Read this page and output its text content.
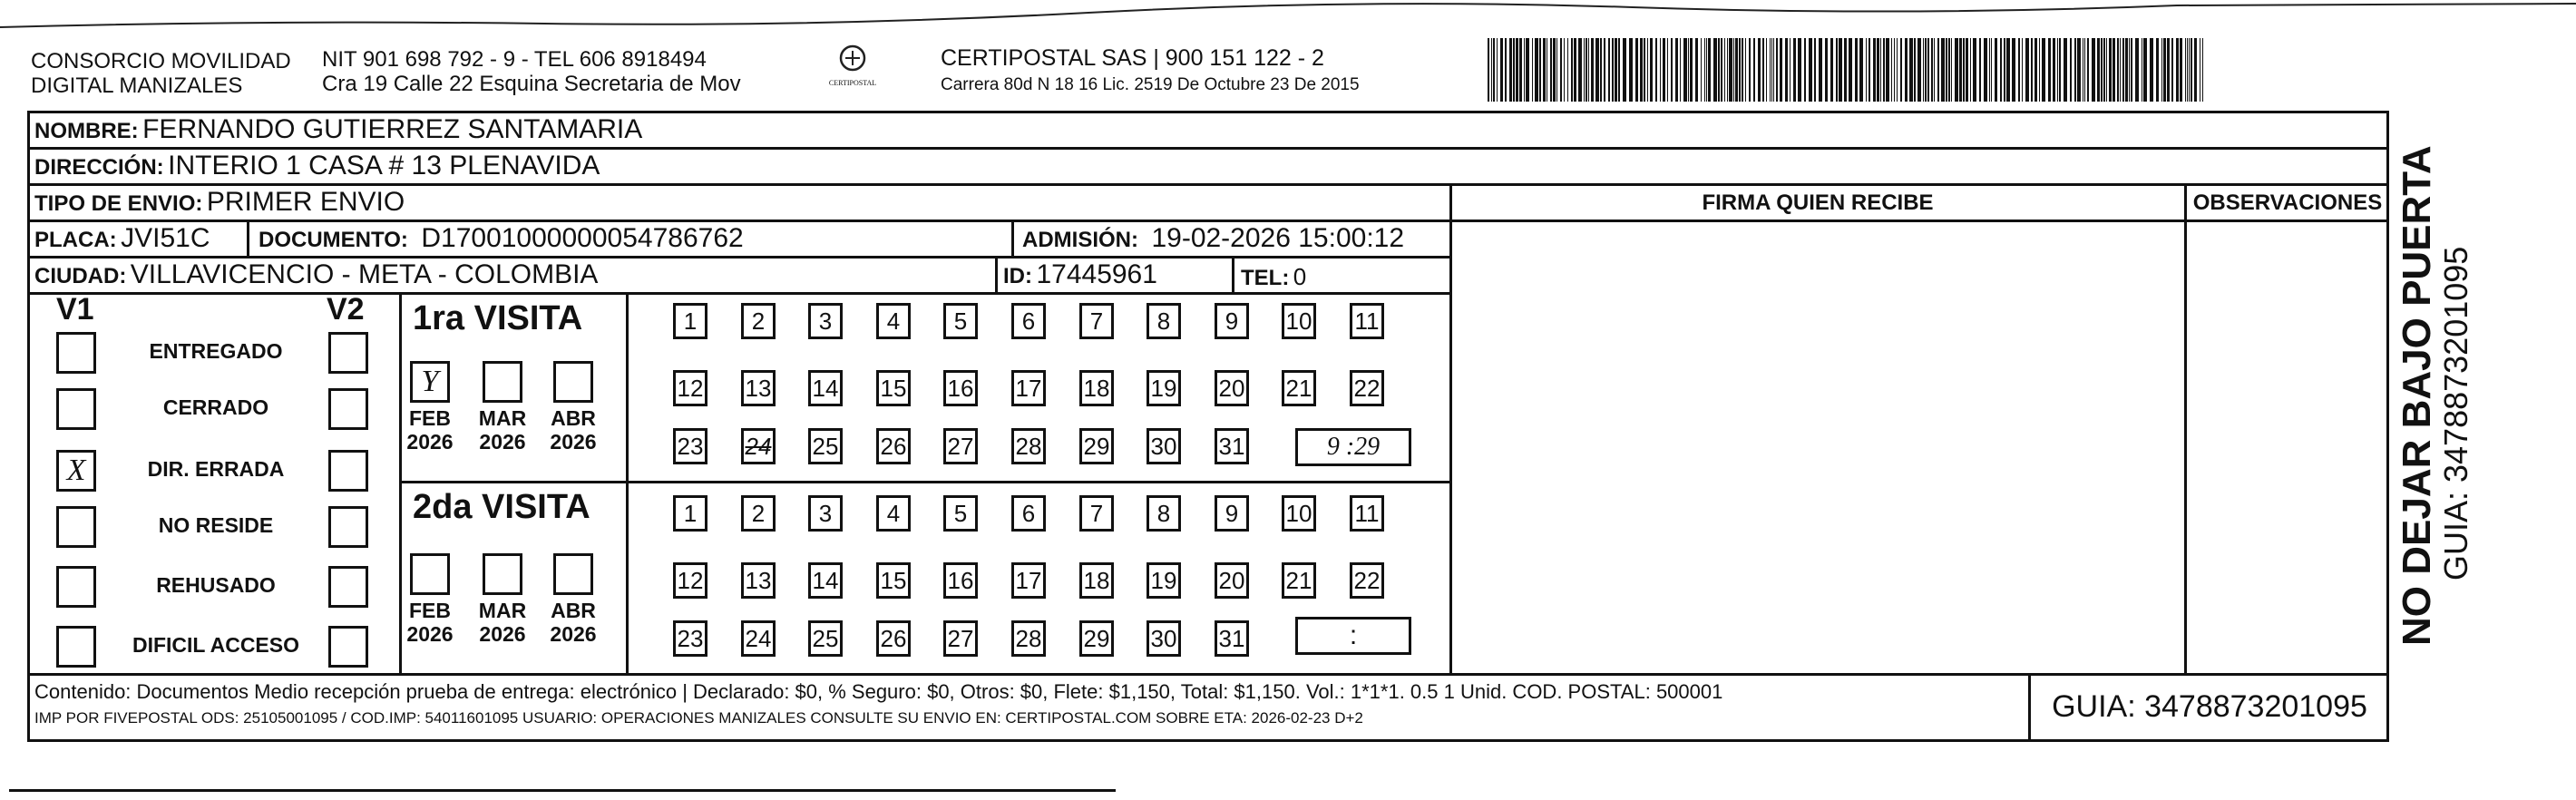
CONSORCIO MOVILIDAD
DIGITAL MANIZALES
NIT 901 698 792 - 9 - TEL 606 8918494
Cra 19 Calle 22 Esquina Secretaria de Mov	CERTIPOSTAL
CERTIPOSTAL SAS | 900 151 122 - 2
Carrera 80d N 18 16 Lic. 2519 De Octubre 23 De 2015
NOMBRE: FERNANDO GUTIERREZ SANTAMARIA
DIRECCIÓN: INTERIO 1 CASA # 13 PLENAVIDA
TIPO DE ENVIO: PRIMER ENVIO
PLACA: JVI51C DOCUMENTO: D17001000000054786762	ADMISIÓN: 19-02-2026 15:00:12
CIUDAD: VILLAVICENCIO - META - COLOMBIA	ID: 17445961	TEL: 0
FIRMA QUIEN RECIBE	OBSERVACIONES
V1	V2
ENTREGADO
CERRADO
X	DIR. ERRADA
NO RESIDE
REHUSADO
DIFICIL ACCESO
1ra VISITA
Y
FEB
2026
MAR
2026
ABR
2026
1	2	3	4	5	6	7	8	9	10 11
12 13 14 15 16 17 18 19 20 21 22
23 24 25 26 27 28 29 30 31	9 :29
2da VISITA
FEB
2026
MAR
2026
ABR
2026
1	2	3	4	5	6	7	8	9	10 11
12 13 14 15 16 17 18 19 20 21 22
23 24 25 26 27 28 29 30 31	:
Contenido: Documentos Medio recepción prueba de entrega: electrónico | Declarado: $0, % Seguro: $0, Otros: $0, Flete: $1,150, Total: $1,150. Vol.: 1*1*1. 0.5 1 Unid. COD. POSTAL: 500001
IMP POR FIVEPOSTAL ODS: 25105001095 / COD.IMP: 54011601095 USUARIO: OPERACIONES MANIZALES CONSULTE SU ENVIO EN: CERTIPOSTAL.COM SOBRE ETA: 2026-02-23 D+2	GUIA: 3478873201095
NO DEJAR BAJO PUERTA
GUIA: 3478873201095
